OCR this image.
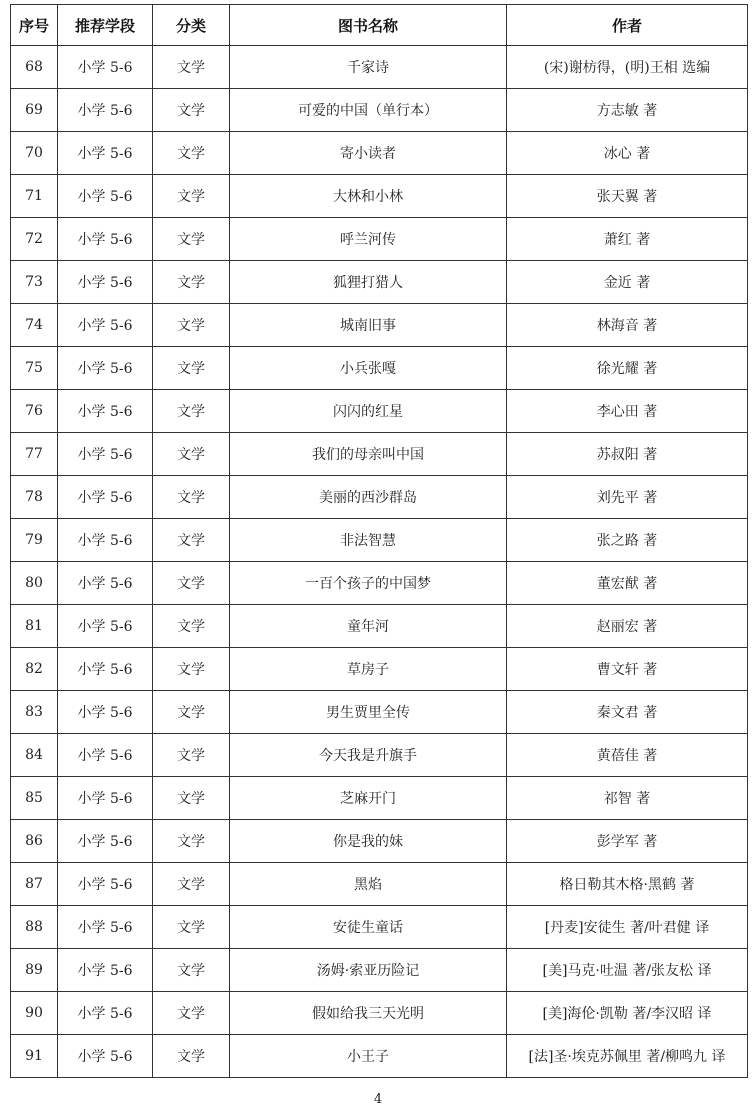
序号	推荐学段	分类	图书名称	作者
68	小学 5-6	文学	千家诗	(宋)谢枋得，(明)王相 选编
69	小学 5-6	文学	可爱的中国（单行本）	方志敏 著
70	小学 5-6	文学	寄小读者	冰心 著
71	小学 5-6	文学	大林和小林	张天翼 著
72	小学 5-6	文学	呼兰河传	萧红 著
73	小学 5-6	文学	狐狸打猎人	金近 著
74	小学 5-6	文学	城南旧事	林海音 著
75	小学 5-6	文学	小兵张嘎	徐光耀 著
76	小学 5-6	文学	闪闪的红星	李心田 著
77	小学 5-6	文学	我们的母亲叫中国	苏叔阳 著
78	小学 5-6	文学	美丽的西沙群岛	刘先平 著
79	小学 5-6	文学	非法智慧	张之路 著
80	小学 5-6	文学	一百个孩子的中国梦	董宏猷 著
81	小学 5-6	文学	童年河	赵丽宏 著
82	小学 5-6	文学	草房子	曹文轩 著
83	小学 5-6	文学	男生贾里全传	秦文君 著
84	小学 5-6	文学	今天我是升旗手	黄蓓佳 著
85	小学 5-6	文学	芝麻开门	祁智 著
86	小学 5-6	文学	你是我的妹	彭学军 著
87	小学 5-6	文学	黑焰	格日勒其木格·黑鹤 著
88	小学 5-6	文学	安徒生童话	[丹麦]安徒生 著/叶君健 译
89	小学 5-6	文学	汤姆·索亚历险记	[美]马克·吐温 著/张友松 译
90	小学 5-6	文学	假如给我三天光明	[美]海伦·凯勒 著/李汉昭 译
91	小学 5-6	文学	小王子	[法]圣·埃克苏佩里 著/柳鸣九 译
4
